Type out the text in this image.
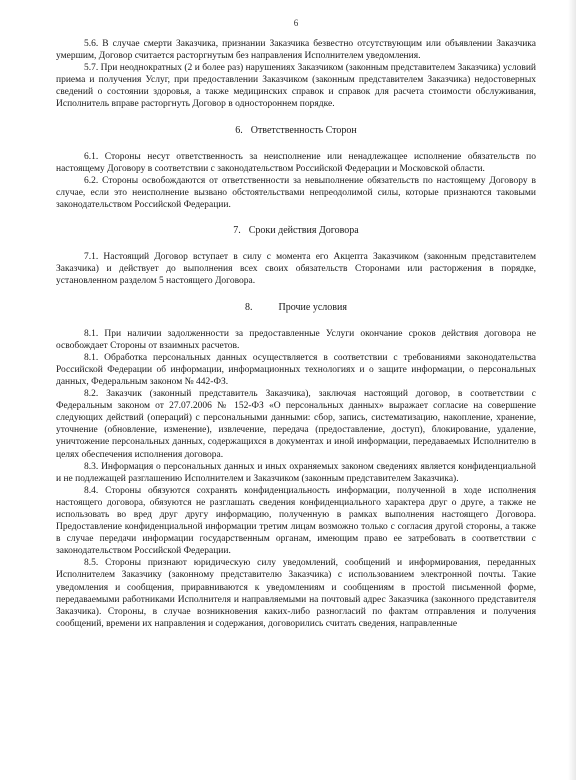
6

5.6. В случае смерти Заказчика, признании Заказчика безвестно отсутствующим или объявлении Заказчика умершим, Договор считается расторгнутым без направления Исполнителем уведомления.

5.7. При неоднократных (2 и более раз) нарушениях Заказчиком (законным представителем Заказчика) условий приема и получения Услуг, при предоставлении Заказчиком (законным представителем Заказчика) недостоверных сведений о состоянии здоровья, а также медицинских справок и справок для расчета стоимости обслуживания, Исполнитель вправе расторгнуть Договор в одностороннем порядке.

6. Ответственность Сторон

6.1. Стороны несут ответственность за неисполнение или ненадлежащее исполнение обязательств по настоящему Договору в соответствии с законодательством Российской Федерации и Московской области.

6.2. Стороны освобождаются от ответственности за невыполнение обязательств по настоящему Договору в случае, если это неисполнение вызвано обстоятельствами непреодолимой силы, которые признаются таковыми законодательством Российской Федерации.

7. Сроки действия Договора

7.1. Настоящий Договор вступает в силу с момента его Акцепта Заказчиком (законным представителем Заказчика) и действует до выполнения всех своих обязательств Сторонами или расторжения в порядке, установленном разделом 5 настоящего Договора.

8.	Прочие условия

8.1. При наличии задолженности за предоставленные Услуги окончание сроков действия договора не освобождает Стороны от взаимных расчетов.

8.1. Обработка персональных данных осуществляется в соответствии с требованиями законодательства Российской Федерации об информации, информационных технологиях и о защите информации, о персональных данных, Федеральным законом № 442-ФЗ.

8.2. Заказчик (законный представитель Заказчика), заключая настоящий договор, в соответствии с Федеральным законом от 27.07.2006 № 152-ФЗ «О персональных данных» выражает согласие на совершение следующих действий (операций) с персональными данными: сбор, запись, систематизацию, накопление, хранение, уточнение (обновление, изменение), извлечение, передача (предоставление, доступ), блокирование, удаление, уничтожение персональных данных, содержащихся в документах и иной информации, передаваемых Исполнителю в целях обеспечения исполнения договора.

8.3. Информация о персональных данных и иных охраняемых законом сведениях является конфиденциальной и не подлежащей разглашению Исполнителем и Заказчиком (законным представителем Заказчика).

8.4. Стороны обязуются сохранять конфиденциальность информации, полученной в ходе исполнения настоящего договора, обязуются не разглашать сведения конфиденциального характера друг о друге, а также не использовать во вред друг другу информацию, полученную в рамках выполнения настоящего Договора. Предоставление конфиденциальной информации третим лицам возможно только с согласия другой стороны, а также в случае передачи информации государственным органам, имеющим право ее затребовать в соответствии с законодательством Российской Федерации.

8.5. Стороны признают юридическую силу уведомлений, сообщений и информирования, переданных Исполнителем Заказчику (законному представителю Заказчика) с использованием электронной почты. Такие уведомления и сообщения, приравниваются к уведомлениям и сообщениям в простой письменной форме, передаваемыми работниками Исполнителя и направляемыми на почтовый адрес Заказчика (законного представителя Заказчика). Стороны, в случае возникновения каких-либо разногласий по фактам отправления и получения сообщений, времени их направления и содержания, договорились считать сведения, направленные
